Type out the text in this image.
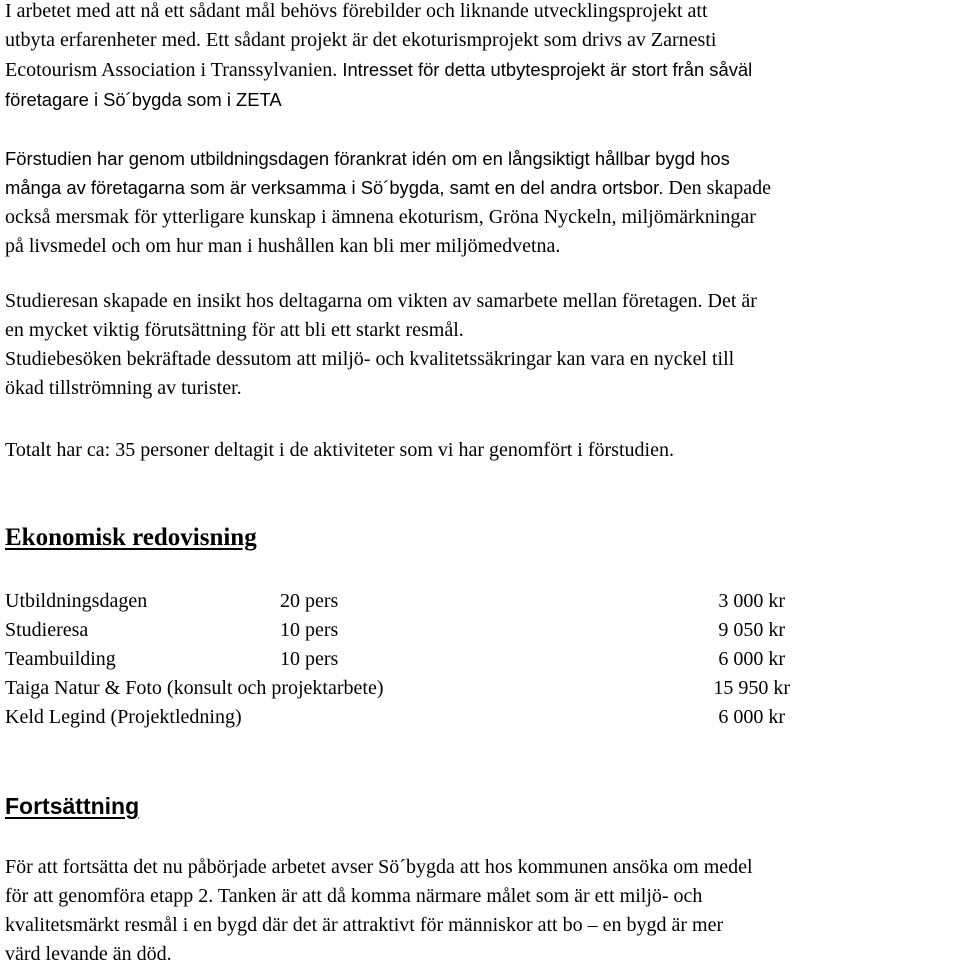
I arbetet med att nå ett sådant mål behövs förebilder och liknande utvecklingsprojekt att

utbyta erfarenheter med. Ett sådant projekt är det ekoturismprojekt som drivs av Zarnesti

Ecotourism Association i Transsylvanien. Intresset för detta utbytesprojekt är stort från såväl

företagare i Sö´bygda som i ZETA

Förstudien har genom utbildningsdagen förankrat idén om en långsiktigt hållbar bygd hos

många av företagarna som är verksamma i Sö´bygda, samt en del andra ortsbor. Den skapade

också mersmak för ytterligare kunskap i ämnena ekoturism, Gröna Nyckeln, miljömärkningar

på livsmedel och om hur man i hushållen kan bli mer miljömedvetna.

Studieresan skapade en insikt hos deltagarna om vikten av samarbete mellan företagen. Det är

en mycket viktig förutsättning för att bli ett starkt resmål.

Studiebesöken bekräftade dessutom att miljö- och kvalitetssäkringar kan vara en nyckel till

ökad tillströmning av turister.

Totalt har ca: 35 personer deltagit i de aktiviteter som vi har genomfört i förstudien.

Ekonomisk redovisning
Utbildningsdagen	20 pers	3 000 kr
Studieresa	10 pers	9 050 kr
Teambuilding	10 pers	6 000 kr
Taiga Natur & Foto (konsult och projektarbete)	15 950 kr
Keld Legind (Projektledning)	6 000 kr
Fortsättning

För att fortsätta det nu påbörjade arbetet avser Sö´bygda att hos kommunen ansöka om medel

för att genomföra etapp 2. Tanken är att då komma närmare målet som är ett miljö- och

kvalitetsmärkt resmål i en bygd där det är attraktivt för människor att bo – en bygd är mer

värd levande än död.
